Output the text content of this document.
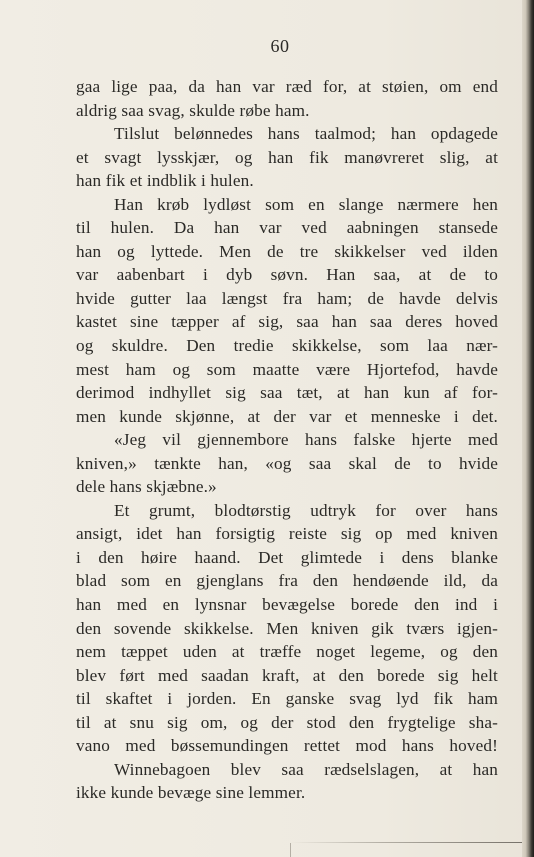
60
gaa lige paa, da han var ræd for, at støien, om end
aldrig saa svag, skulde røbe ham.
Tilslut belønnedes hans taalmod; han opdagede
et svagt lysskjær, og han fik manøvreret slig, at
han fik et indblik i hulen.
Han krøb lydløst som en slange nærmere hen
til hulen. Da han var ved aabningen stansede
han og lyttede. Men de tre skikkelser ved ilden
var aabenbart i dyb søvn. Han saa, at de to
hvide gutter laa længst fra ham; de havde delvis
kastet sine tæpper af sig, saa han saa deres hoved
og skuldre. Den tredie skikkelse, som laa nær-
mest ham og som maatte være Hjortefod, havde
derimod indhyllet sig saa tæt, at han kun af for-
men kunde skjønne, at der var et menneske i det.
«Jeg vil gjennembore hans falske hjerte med
kniven,» tænkte han, «og saa skal de to hvide
dele hans skjæbne.»
Et grumt, blodtørstig udtryk for over hans
ansigt, idet han forsigtig reiste sig op med kniven
i den høire haand. Det glimtede i dens blanke
blad som en gjenglans fra den hendøende ild, da
han med en lynsnar bevægelse borede den ind i
den sovende skikkelse. Men kniven gik tværs igjen-
nem tæppet uden at træffe noget legeme, og den
blev ført med saadan kraft, at den borede sig helt
til skaftet i jorden. En ganske svag lyd fik ham
til at snu sig om, og der stod den frygtelige sha-
vano med bøssemundingen rettet mod hans hoved!
Winnebagoen blev saa rædselslagen, at han
ikke kunde bevæge sine lemmer.
